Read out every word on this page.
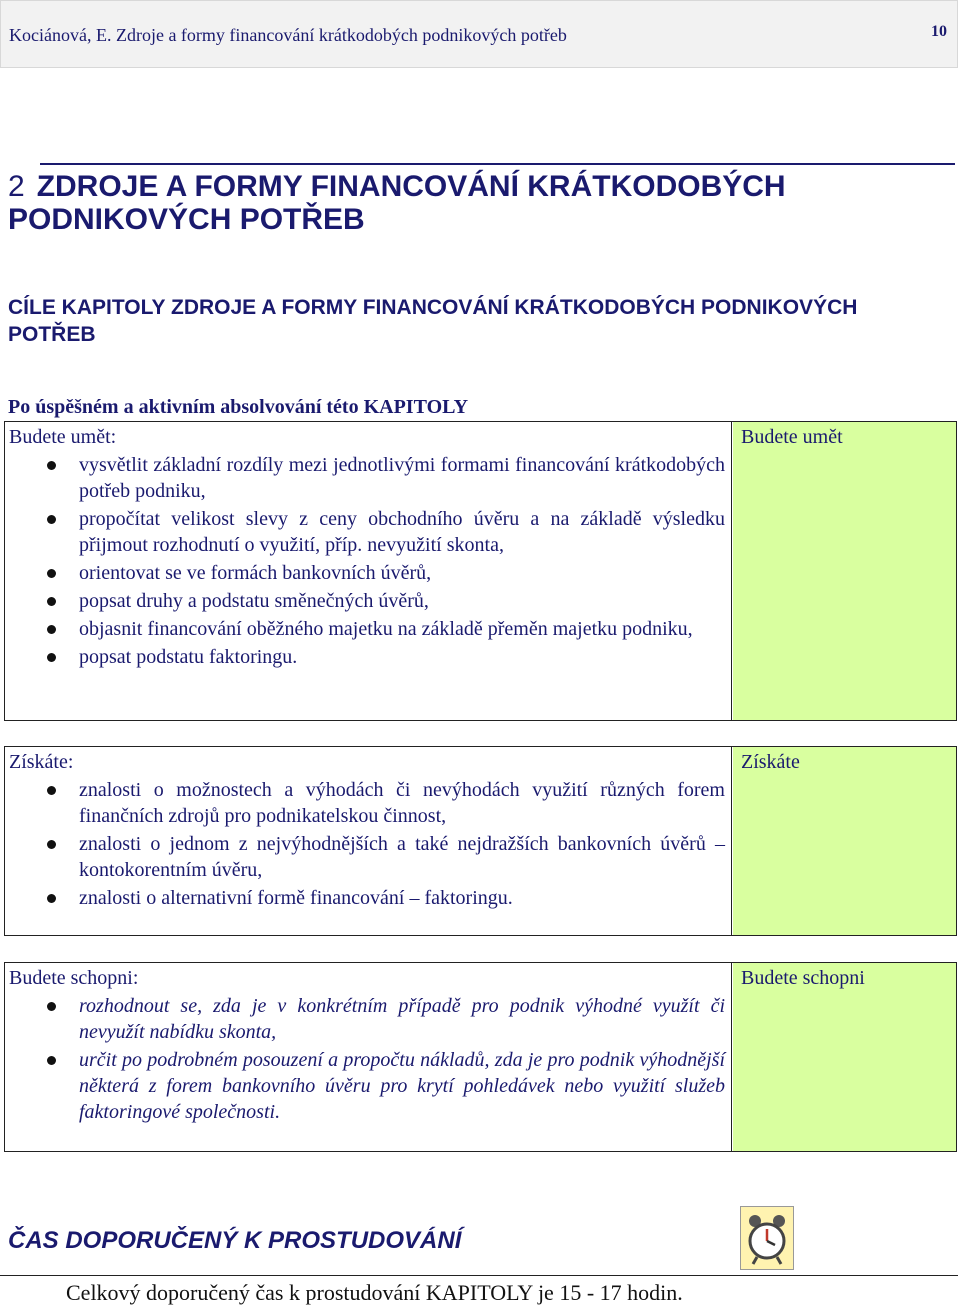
Kociánová, E. Zdroje a formy financování krátkodobých podnikových potřeb	10
2 ZDROJE A FORMY FINANCOVÁNÍ KRÁTKODOBÝCH PODNIKOVÝCH POTŘEB
CÍLE KAPITOLY ZDROJE A FORMY FINANCOVÁNÍ KRÁTKODOBÝCH PODNIKOVÝCH POTŘEB
Po úspěšném a aktivním absolvování této KAPITOLY
Budete umět:
vysvětlit základní rozdíly mezi jednotlivými formami financování krátkodobých potřeb podniku,
propočítat velikost slevy z ceny obchodního úvěru a na základě výsledku přijmout rozhodnutí o využití, příp. nevyužití skonta,
orientovat se ve formách bankovních úvěrů,
popsat druhy a podstatu směnečných úvěrů,
objasnit financování oběžného majetku na základě přeměn majetku podniku,
popsat podstatu faktoringu.
Budete umět
Získáte:
znalosti o možnostech a výhodách či nevýhodách využití různých forem finančních zdrojů pro podnikatelskou činnost,
znalosti o jednom z nejvýhodnějších a také nejdražších bankovních úvěrů – kontokorentním úvěru,
znalosti o alternativní formě financování – faktoringu.
Získáte
Budete schopni:
rozhodnout se, zda je v konkrétním případě pro podnik výhodné využít či nevyužít nabídku skonta,
určit po podrobném posouzení a propočtu nákladů, zda je pro podnik výhodnější některá z forem bankovního úvěru pro krytí pohledávek nebo využití služeb faktoringové společnosti.
Budete schopni
ČAS DOPORUČENÝ K PROSTUDOVÁNÍ
Celkový doporučený čas k prostudování KAPITOLY je 15 - 17 hodin.
